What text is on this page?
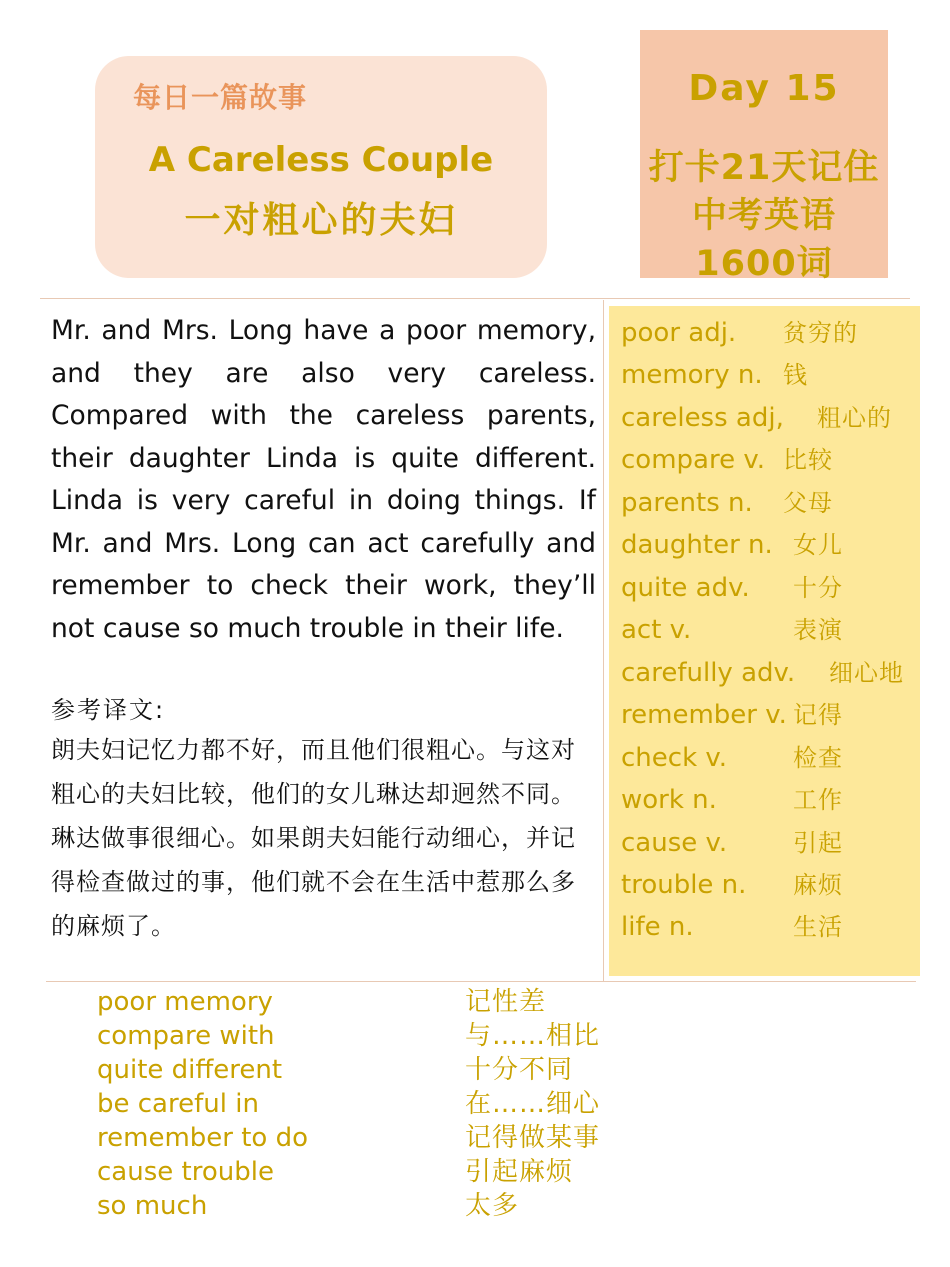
每日一篇故事
A Careless Couple
一对粗心的夫妇
Day 15
打卡21天记住
中考英语
1600词
Mr. and Mrs. Long have a poor memory, and they are also very careless. Compared with the careless parents, their daughter Linda is quite different. Linda is very careful in doing things. If Mr. and Mrs. Long can act carefully and remember to check their work, they’ll not cause so much trouble in their life.
参考译文:
朗夫妇记忆力都不好，而且他们很粗心。与这对粗心的夫妇比较，他们的女儿琳达却迥然不同。琳达做事很细心。如果朗夫妇能行动细心，并记得检查做过的事，他们就不会在生活中惹那么多的麻烦了。
poor adj. 贫穷的
memory n. 钱
careless adj, 粗心的
compare v. 比较
parents n. 父母
daughter n. 女儿
quite adv. 十分
act v.	表演
carefully adv. 细心地
remember v. 记得
check v.	检查
work n.	工作
cause v.	引起
trouble n. 麻烦
life n.	生活
poor memory	记性差
compare with	与……相比
quite different	十分不同
be careful in	在……细心
remember to do	记得做某事
cause trouble	引起麻烦
so much	太多
